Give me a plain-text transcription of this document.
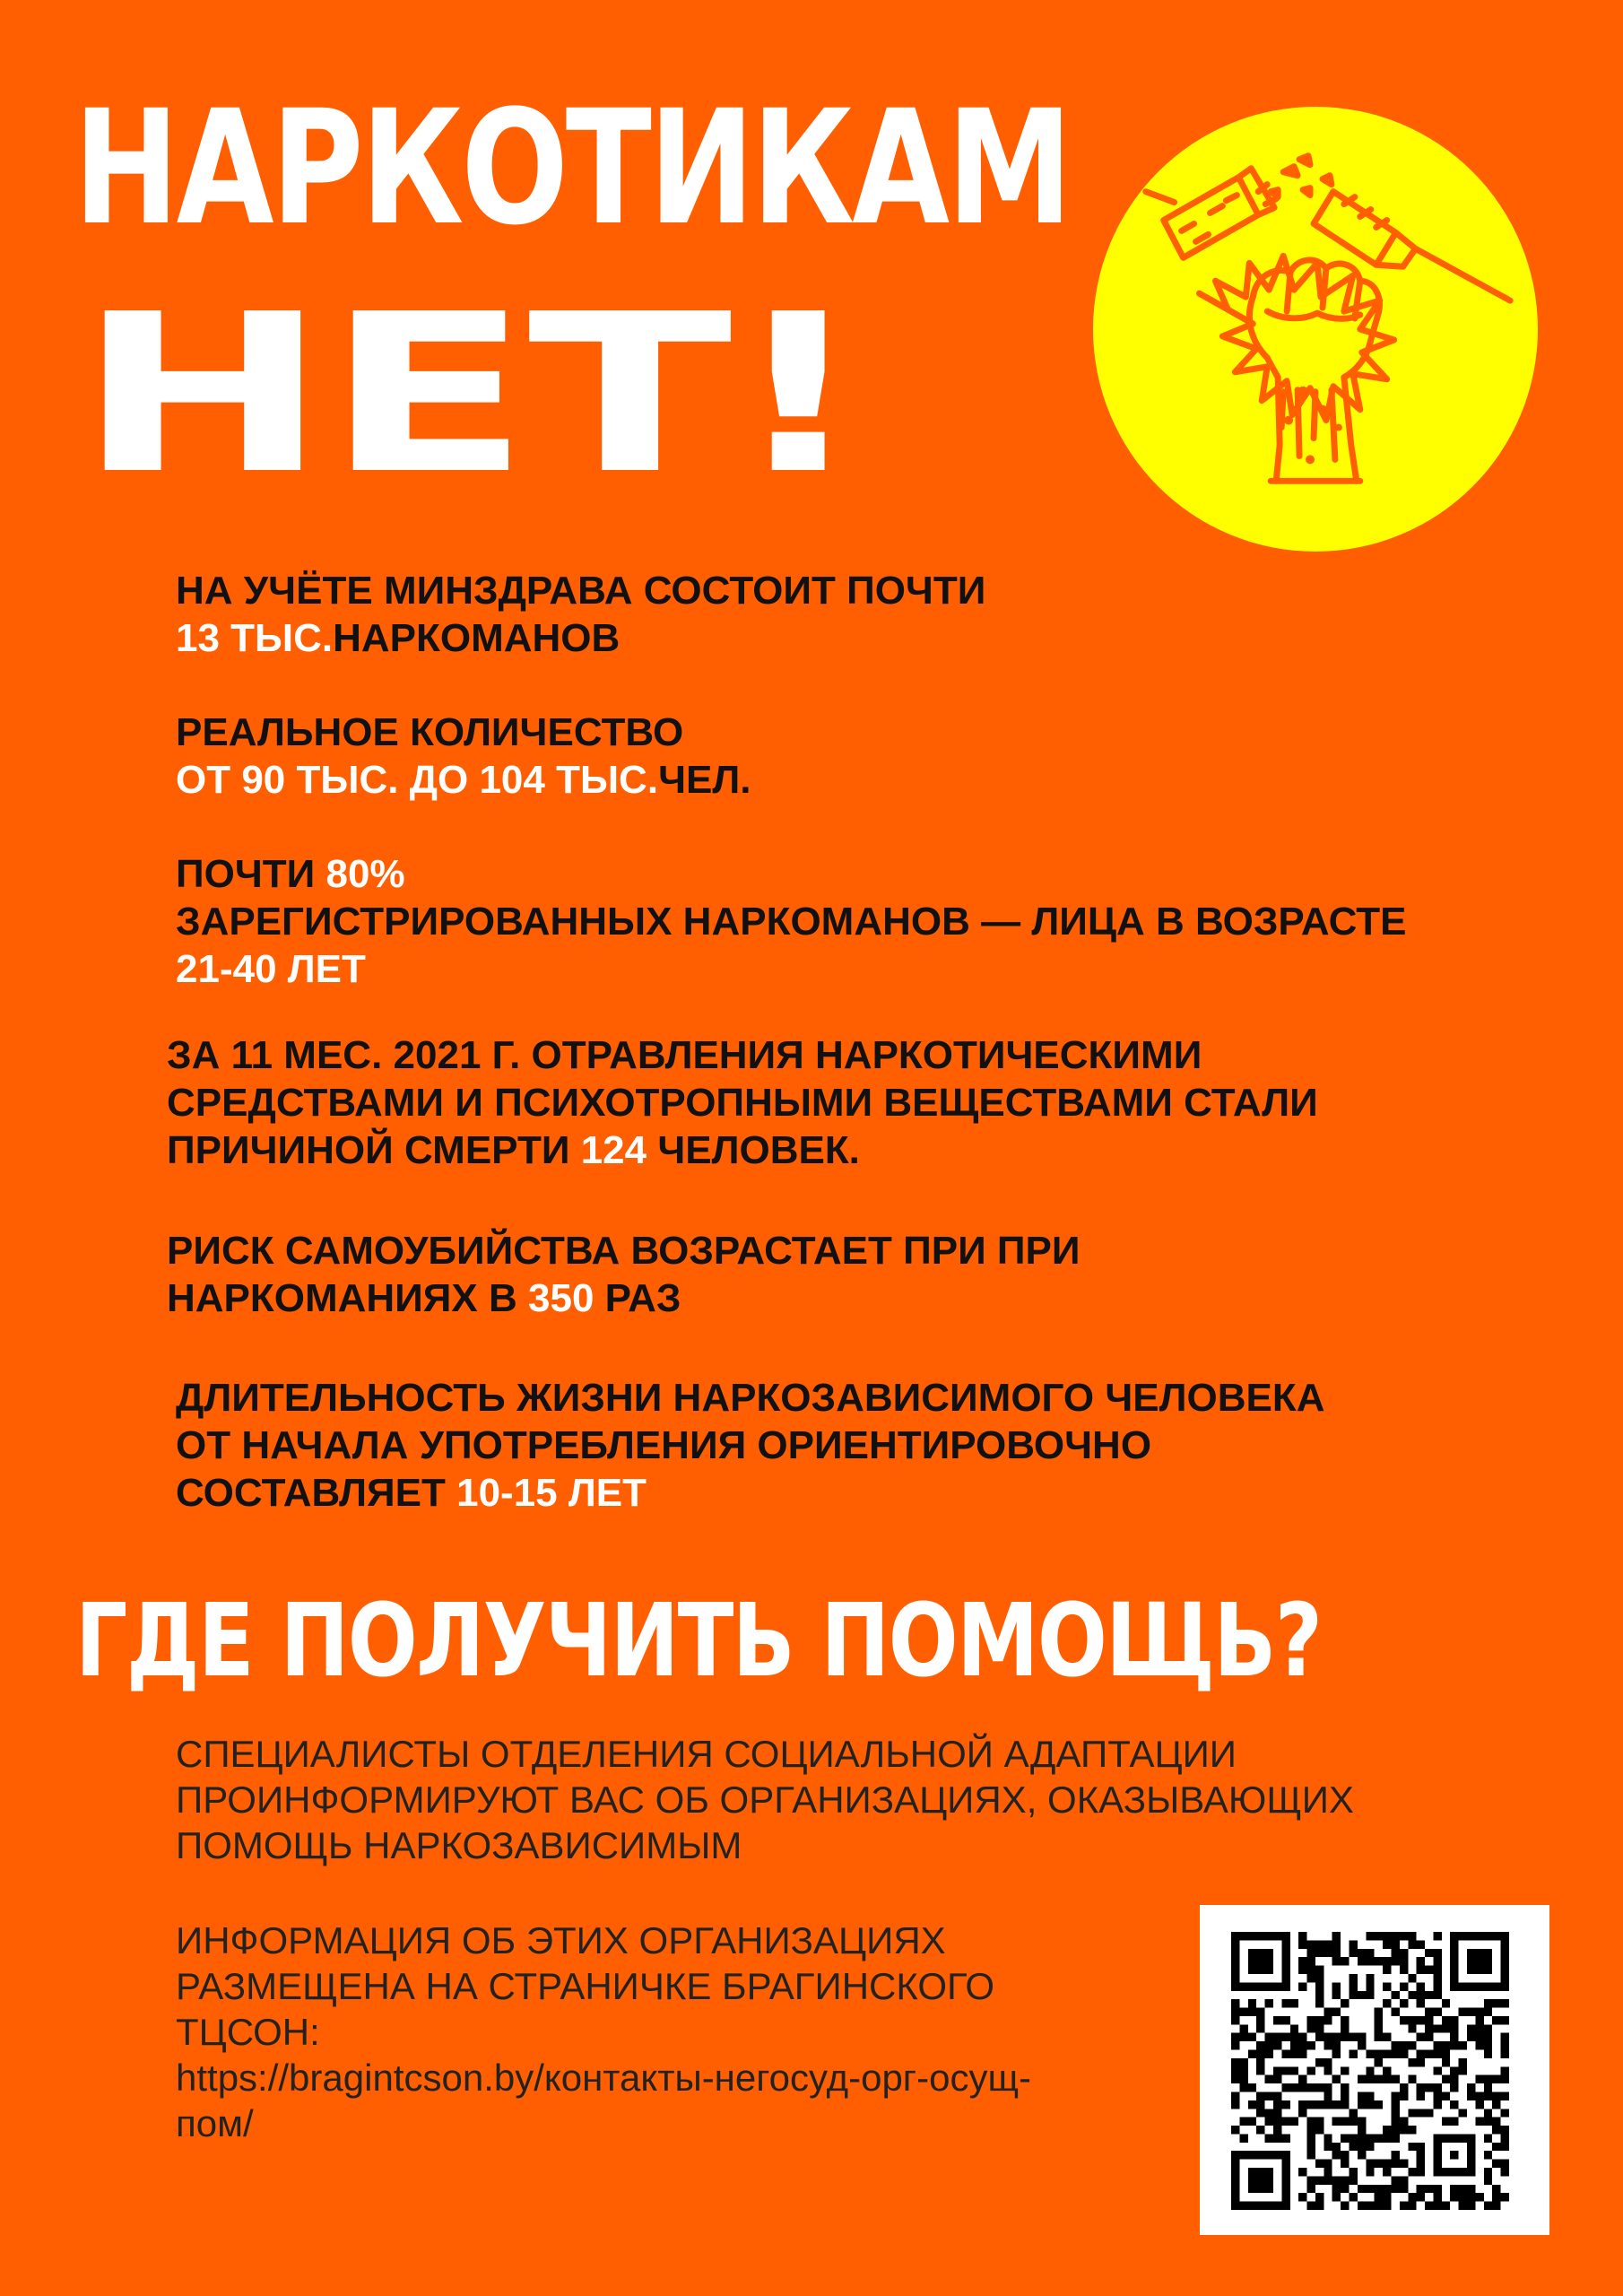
НАРКОТИКАМ
НЕТ!

НА УЧЁТЕ МИНЗДРАВА СОСТОИТ ПОЧТИ
13 ТЫС.НАРКОМАНОВ

РЕАЛЬНОЕ КОЛИЧЕСТВО
ОТ 90 ТЫС. ДО 104 ТЫС.ЧЕЛ.

ПОЧТИ 80%
ЗАРЕГИСТРИРОВАННЫХ НАРКОМАНОВ — ЛИЦА В ВОЗРАСТЕ
21-40 ЛЕТ

ЗА 11 МЕС. 2021 Г. ОТРАВЛЕНИЯ НАРКОТИЧЕСКИМИ
СРЕДСТВАМИ И ПСИХОТРОПНЫМИ ВЕЩЕСТВАМИ СТАЛИ
ПРИЧИНОЙ СМЕРТИ 124 ЧЕЛОВЕК.

РИСК САМОУБИЙСТВА ВОЗРАСТАЕТ ПРИ ПРИ
НАРКОМАНИЯХ В 350 РАЗ

ДЛИТЕЛЬНОСТЬ ЖИЗНИ НАРКОЗАВИСИМОГО ЧЕЛОВЕКА
ОТ НАЧАЛА УПОТРЕБЛЕНИЯ ОРИЕНТИРОВОЧНО
СОСТАВЛЯЕТ 10-15 ЛЕТ

ГДЕ ПОЛУЧИТЬ ПОМОЩЬ?

СПЕЦИАЛИСТЫ ОТДЕЛЕНИЯ СОЦИАЛЬНОЙ АДАПТАЦИИ
ПРОИНФОРМИРУЮТ ВАС ОБ ОРГАНИЗАЦИЯХ, ОКАЗЫВАЮЩИХ
ПОМОЩЬ НАРКОЗАВИСИМЫМ

ИНФОРМАЦИЯ ОБ ЭТИХ ОРГАНИЗАЦИЯХ
РАЗМЕЩЕНА НА СТРАНИЧКЕ БРАГИНСКОГО
ТЦСОН:
https://bragintcson.by/контакты-негосуд-орг-осущ-
пом/
